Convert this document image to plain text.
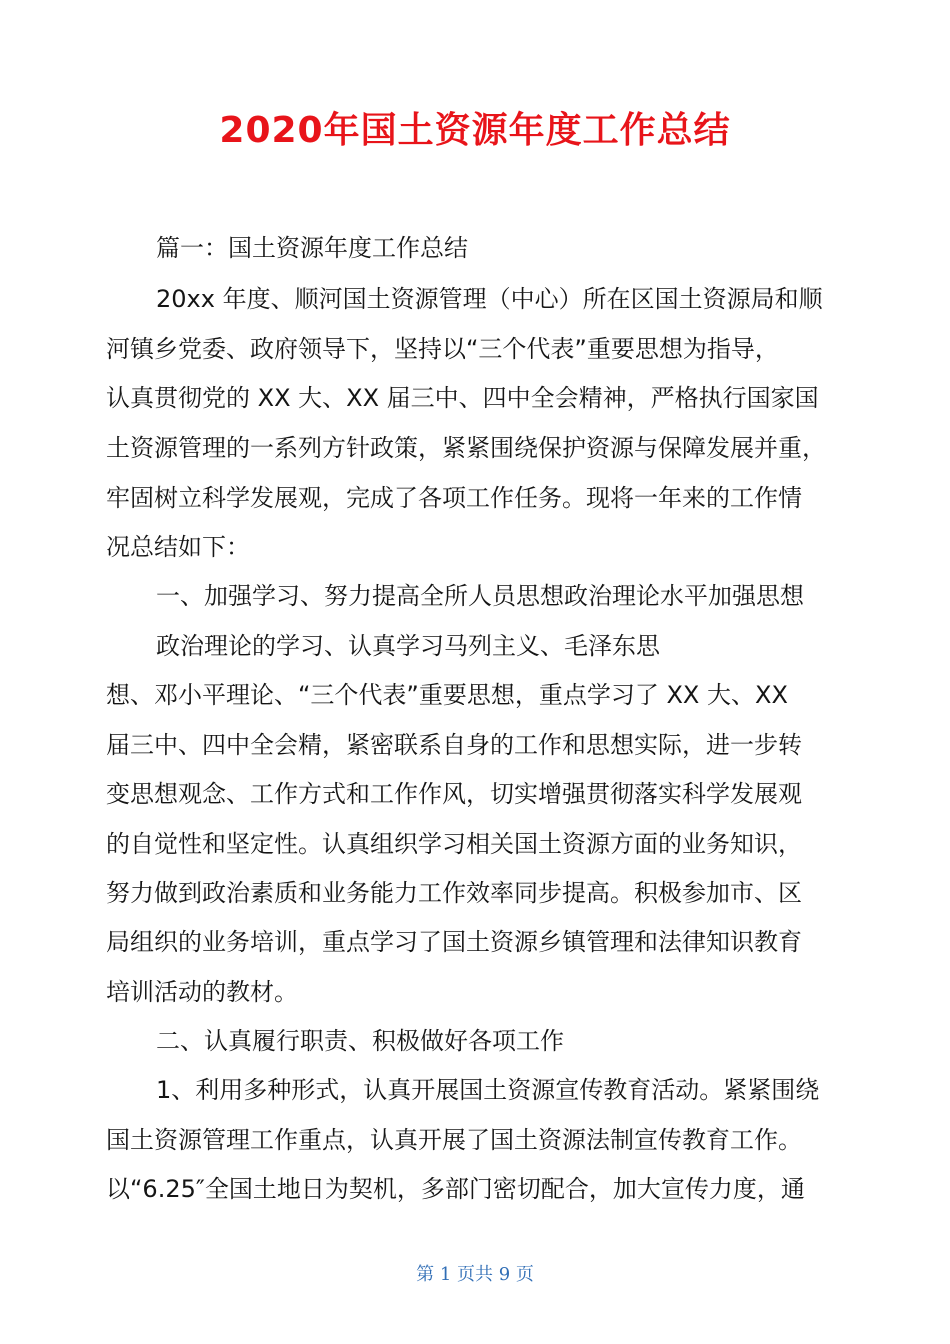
2020年国土资源年度工作总结
篇一：国土资源年度工作总结
20xx 年度、顺河国土资源管理（中心）所在区国土资源局和顺
河镇乡党委、政府领导下，坚持以“三个代表”重要思想为指导，
认真贯彻党的 XX 大、XX 届三中、四中全会精神，严格执行国家国
土资源管理的一系列方针政策，紧紧围绕保护资源与保障发展并重，
牢固树立科学发展观，完成了各项工作任务。现将一年来的工作情
况总结如下：
一、加强学习、努力提高全所人员思想政治理论水平加强思想
政治理论的学习、认真学习马列主义、毛泽东思
想、邓小平理论、“三个代表”重要思想，重点学习了 XX 大、XX
届三中、四中全会精，紧密联系自身的工作和思想实际，进一步转
变思想观念、工作方式和工作作风，切实增强贯彻落实科学发展观
的自觉性和坚定性。认真组织学习相关国土资源方面的业务知识，
努力做到政治素质和业务能力工作效率同步提高。积极参加市、区
局组织的业务培训，重点学习了国土资源乡镇管理和法律知识教育
培训活动的教材。
二、认真履行职责、积极做好各项工作
1、利用多种形式，认真开展国土资源宣传教育活动。紧紧围绕
国土资源管理工作重点，认真开展了国土资源法制宣传教育工作。
以“6.25″全国土地日为契机，多部门密切配合，加大宣传力度，通
第 1 页共 9 页
